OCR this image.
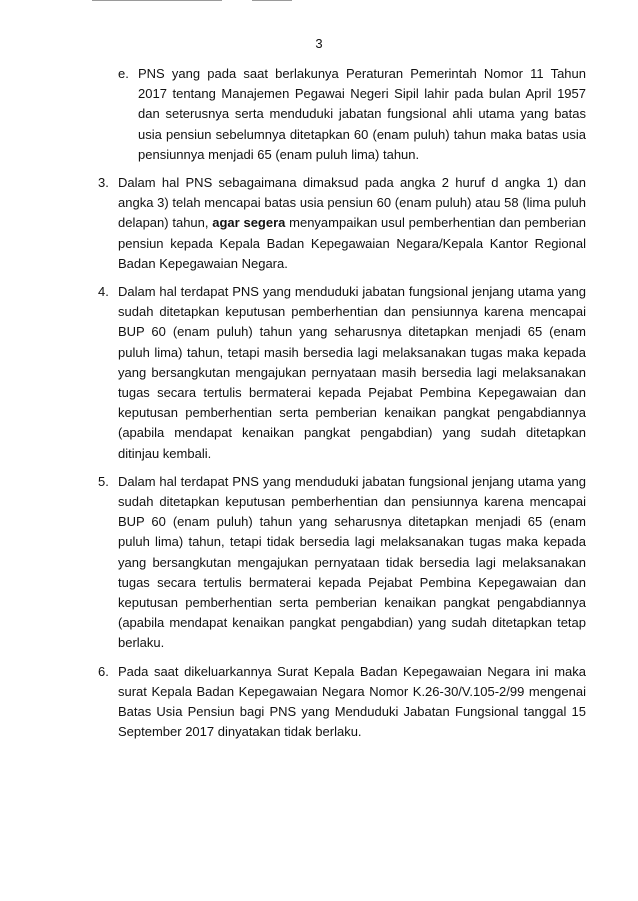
3
e. PNS yang pada saat berlakunya Peraturan Pemerintah Nomor 11 Tahun 2017 tentang Manajemen Pegawai Negeri Sipil lahir pada bulan April 1957 dan seterusnya serta menduduki jabatan fungsional ahli utama yang batas usia pensiun sebelumnya ditetapkan 60 (enam puluh) tahun maka batas usia pensiunnya menjadi 65 (enam puluh lima) tahun.

3. Dalam hal PNS sebagaimana dimaksud pada angka 2 huruf d angka 1) dan angka 3) telah mencapai batas usia pensiun 60 (enam puluh) atau 58 (lima puluh delapan) tahun, agar segera menyampaikan usul pemberhentian dan pemberian pensiun kepada Kepala Badan Kepegawaian Negara/Kepala Kantor Regional Badan Kepegawaian Negara.

4. Dalam hal terdapat PNS yang menduduki jabatan fungsional jenjang utama yang sudah ditetapkan keputusan pemberhentian dan pensiunnya karena mencapai BUP 60 (enam puluh) tahun yang seharusnya ditetapkan menjadi 65 (enam puluh lima) tahun, tetapi masih bersedia lagi melaksanakan tugas maka kepada yang bersangkutan mengajukan pernyataan masih bersedia lagi melaksanakan tugas secara tertulis bermaterai kepada Pejabat Pembina Kepegawaian dan keputusan pemberhentian serta pemberian kenaikan pangkat pengabdiannya (apabila mendapat kenaikan pangkat pengabdian) yang sudah ditetapkan ditinjau kembali.

5. Dalam hal terdapat PNS yang menduduki jabatan fungsional jenjang utama yang sudah ditetapkan keputusan pemberhentian dan pensiunnya karena mencapai BUP 60 (enam puluh) tahun yang seharusnya ditetapkan menjadi 65 (enam puluh lima) tahun, tetapi tidak bersedia lagi melaksanakan tugas maka kepada yang bersangkutan mengajukan pernyataan tidak bersedia lagi melaksanakan tugas secara tertulis bermaterai kepada Pejabat Pembina Kepegawaian dan keputusan pemberhentian serta pemberian kenaikan pangkat pengabdiannya (apabila mendapat kenaikan pangkat pengabdian) yang sudah ditetapkan tetap berlaku.

6. Pada saat dikeluarkannya Surat Kepala Badan Kepegawaian Negara ini maka surat Kepala Badan Kepegawaian Negara Nomor K.26-30/V.105-2/99 mengenai Batas Usia Pensiun bagi PNS yang Menduduki Jabatan Fungsional tanggal 15 September 2017 dinyatakan tidak berlaku.
